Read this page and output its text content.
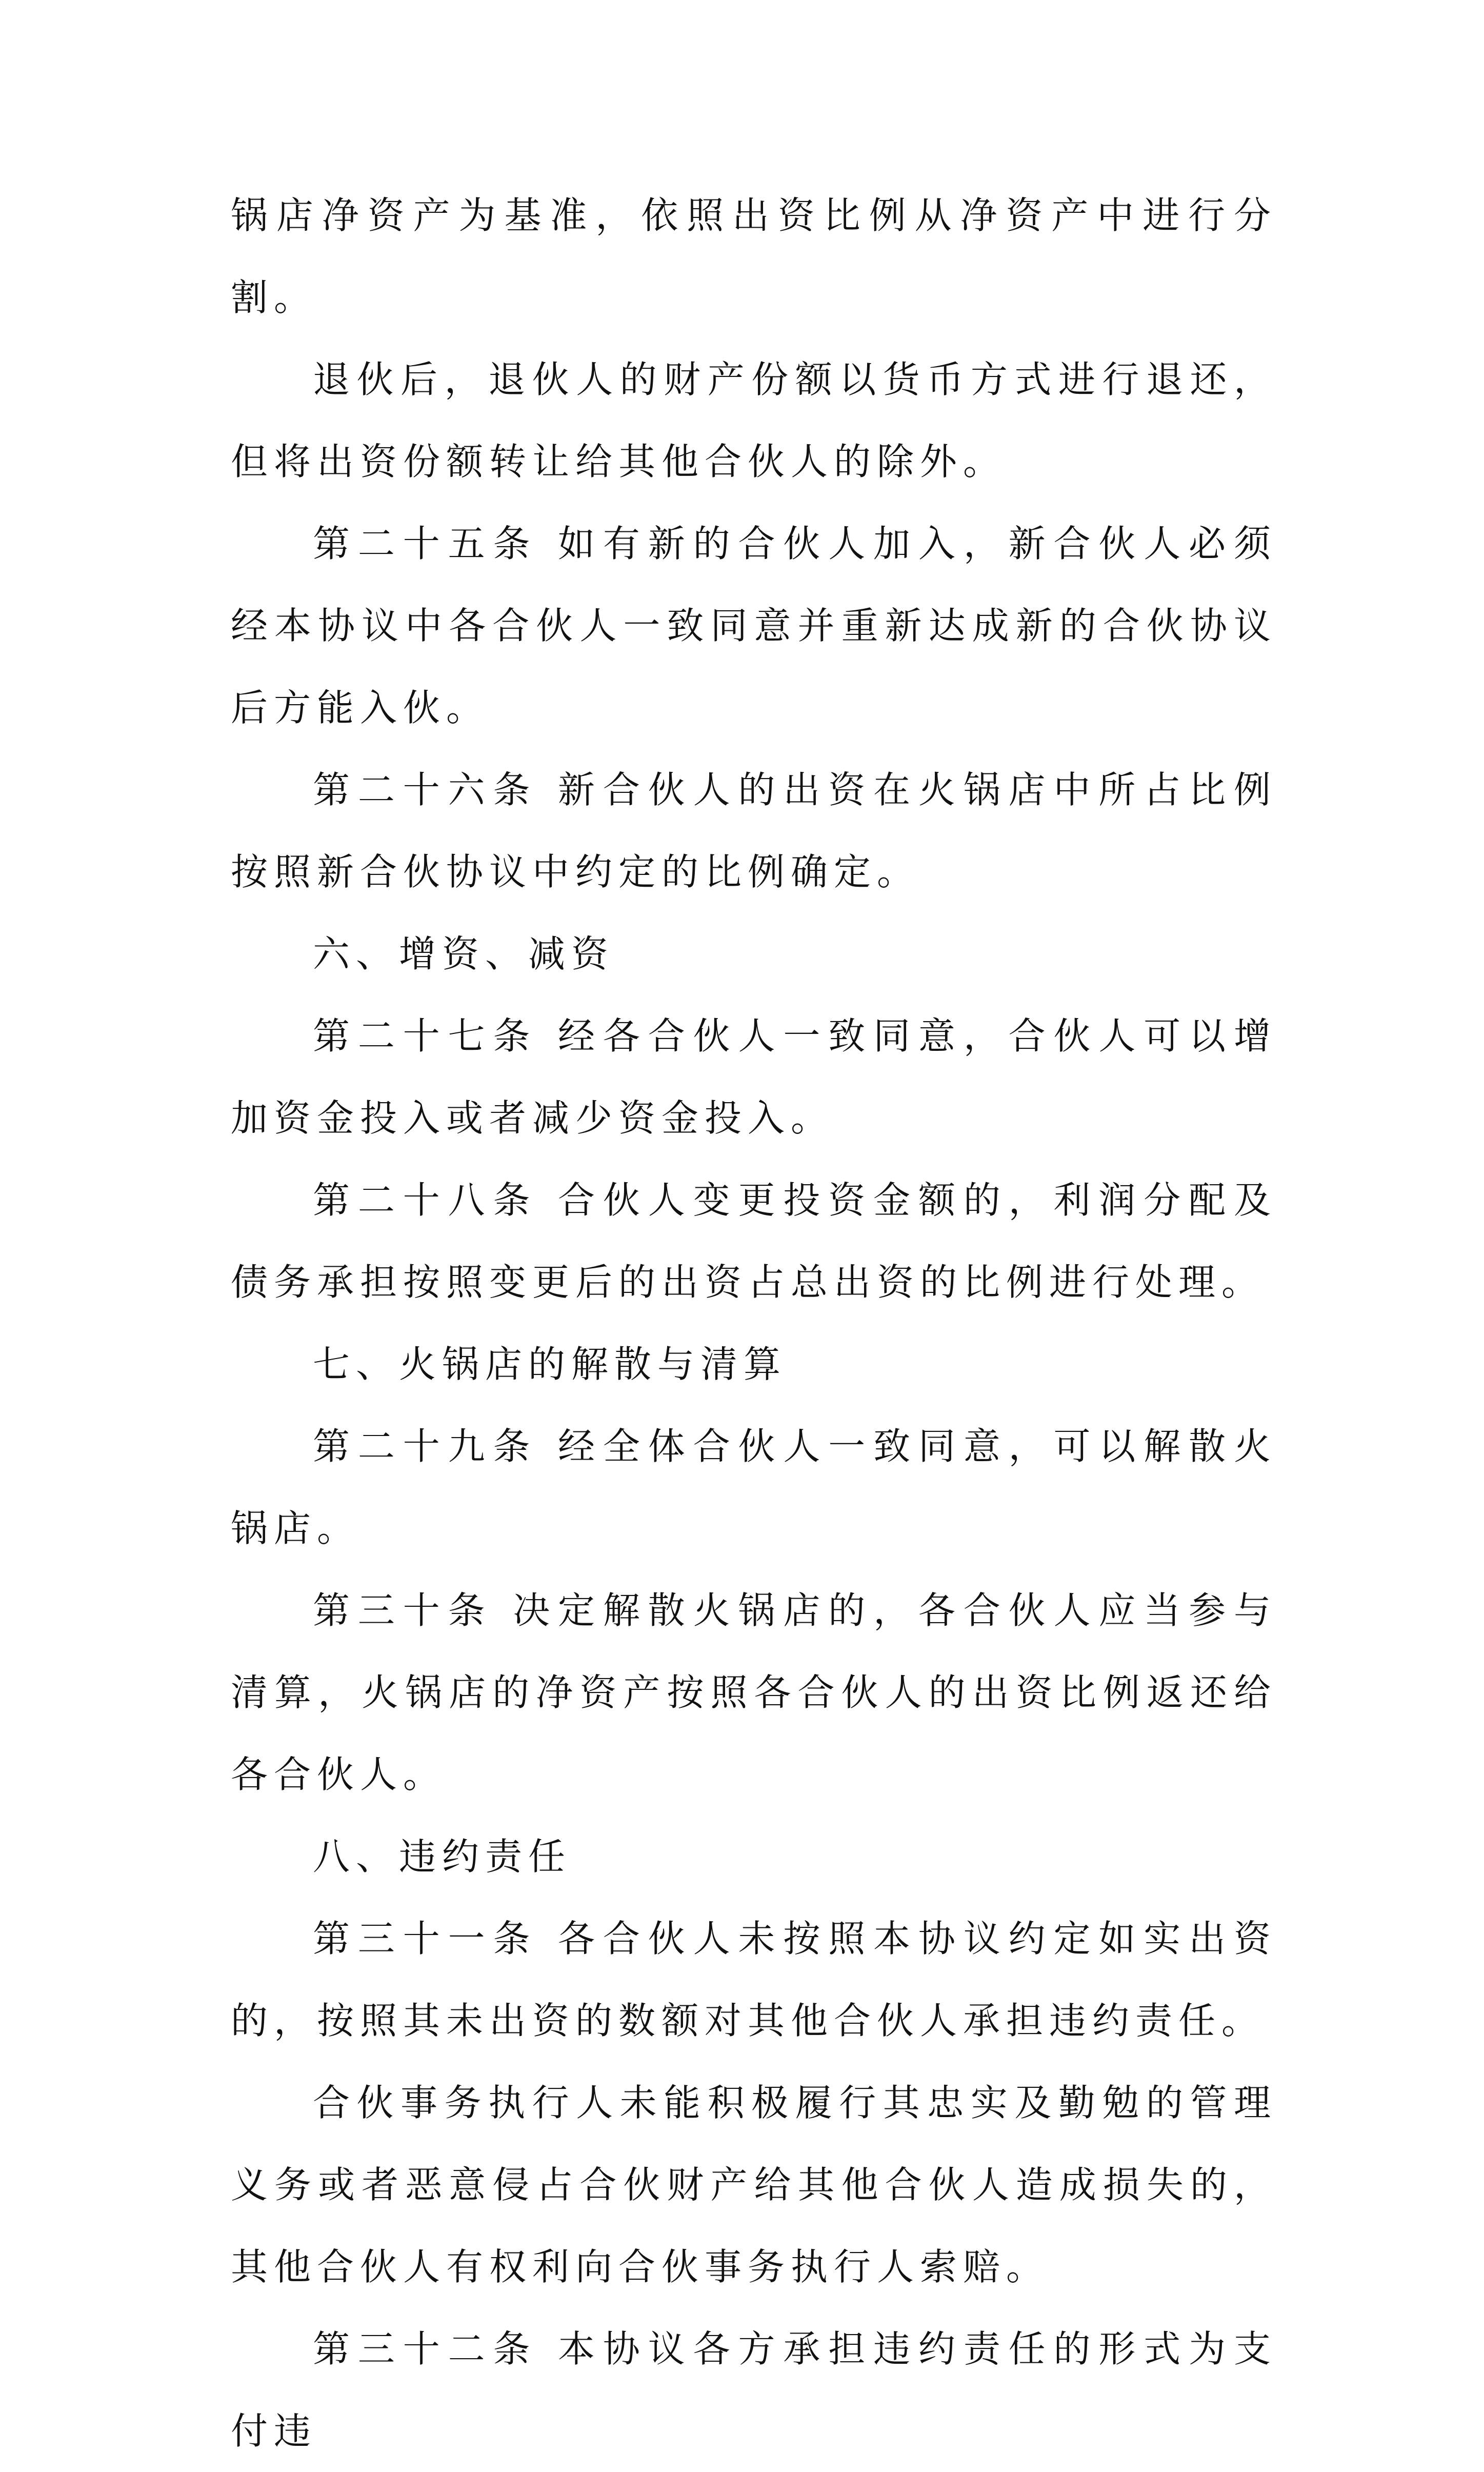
锅店净资产为基准，依照出资比例从净资产中进行分割。

退伙后，退伙人的财产份额以货币方式进行退还，但将出资份额转让给其他合伙人的除外。

第二十五条 如有新的合伙人加入，新合伙人必须经本协议中各合伙人一致同意并重新达成新的合伙协议后方能入伙。

第二十六条 新合伙人的出资在火锅店中所占比例按照新合伙协议中约定的比例确定。

六、增资、减资

第二十七条 经各合伙人一致同意，合伙人可以增加资金投入或者减少资金投入。

第二十八条 合伙人变更投资金额的，利润分配及债务承担按照变更后的出资占总出资的比例进行处理。

七、火锅店的解散与清算

第二十九条 经全体合伙人一致同意，可以解散火锅店。

第三十条 决定解散火锅店的，各合伙人应当参与清算，火锅店的净资产按照各合伙人的出资比例返还给各合伙人。

八、违约责任

第三十一条 各合伙人未按照本协议约定如实出资的，按照其未出资的数额对其他合伙人承担违约责任。

合伙事务执行人未能积极履行其忠实及勤勉的管理义务或者恶意侵占合伙财产给其他合伙人造成损失的，其他合伙人有权利向合伙事务执行人索赔。

第三十二条 本协议各方承担违约责任的形式为支付违
